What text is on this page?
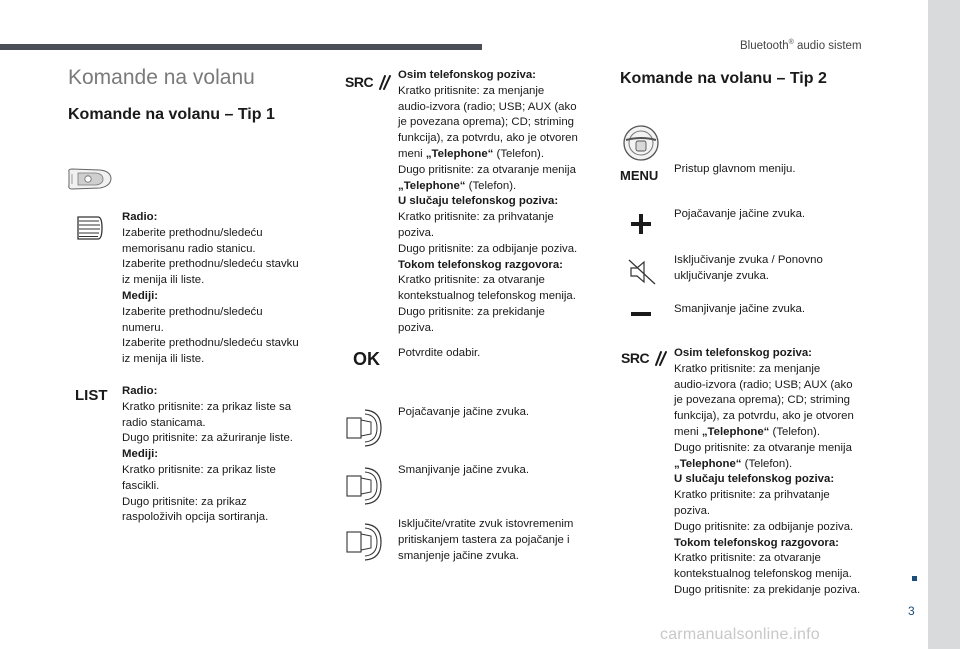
Bluetooth® audio sistem
3
carmanualsonline.info
Komande na volanu
Komande na volanu – Tip 1
Radio:
Izaberite prethodnu/sledeću
memorisanu radio stanicu.
Izaberite prethodnu/sledeću stavku
iz menija ili liste.
Mediji:
Izaberite prethodnu/sledeću
numeru.
Izaberite prethodnu/sledeću stavku
iz menija ili liste.
LIST Radio:
Kratko pritisnite: za prikaz liste sa
radio stanicama.
Dugo pritisnite: za ažuriranje liste.
Mediji:
Kratko pritisnite: za prikaz liste
fascikli.
Dugo pritisnite: za prikaz
raspoloživih opcija sortiranja.
SRC	Osim telefonskog poziva:
Kratko pritisnite: za menjanje
audio-izvora (radio; USB; AUX (ako
je povezana oprema); CD; striming
funkcija), za potvrdu, ako je otvoren
meni „Telephone“ (Telefon).
Dugo pritisnite: za otvaranje menija
„Telephone“ (Telefon).
U slučaju telefonskog poziva:
Kratko pritisnite: za prihvatanje
poziva.
Dugo pritisnite: za odbijanje poziva.
Tokom telefonskog razgovora:
Kratko pritisnite: za otvaranje
kontekstualnog telefonskog menija.
Dugo pritisnite: za prekidanje
poziva.
OK Potvrdite odabir.
Pojačavanje jačine zvuka.
Smanjivanje jačine zvuka.
Isključite/vratite zvuk istovremenim
pritiskanjem tastera za pojačanje i
smanjenje jačine zvuka.
Komande na volanu – Tip 2
MENU Pristup glavnom meniju.
Pojačavanje jačine zvuka.
Isključivanje zvuka / Ponovno
uključivanje zvuka.
Smanjivanje jačine zvuka.
SRC	Osim telefonskog poziva:
Kratko pritisnite: za menjanje
audio-izvora (radio; USB; AUX (ako
je povezana oprema); CD; striming
funkcija), za potvrdu, ako je otvoren
meni „Telephone“ (Telefon).
Dugo pritisnite: za otvaranje menija
„Telephone“ (Telefon).
U slučaju telefonskog poziva:
Kratko pritisnite: za prihvatanje
poziva.
Dugo pritisnite: za odbijanje poziva.
Tokom telefonskog razgovora:
Kratko pritisnite: za otvaranje
kontekstualnog telefonskog menija.
Dugo pritisnite: za prekidanje poziva.
